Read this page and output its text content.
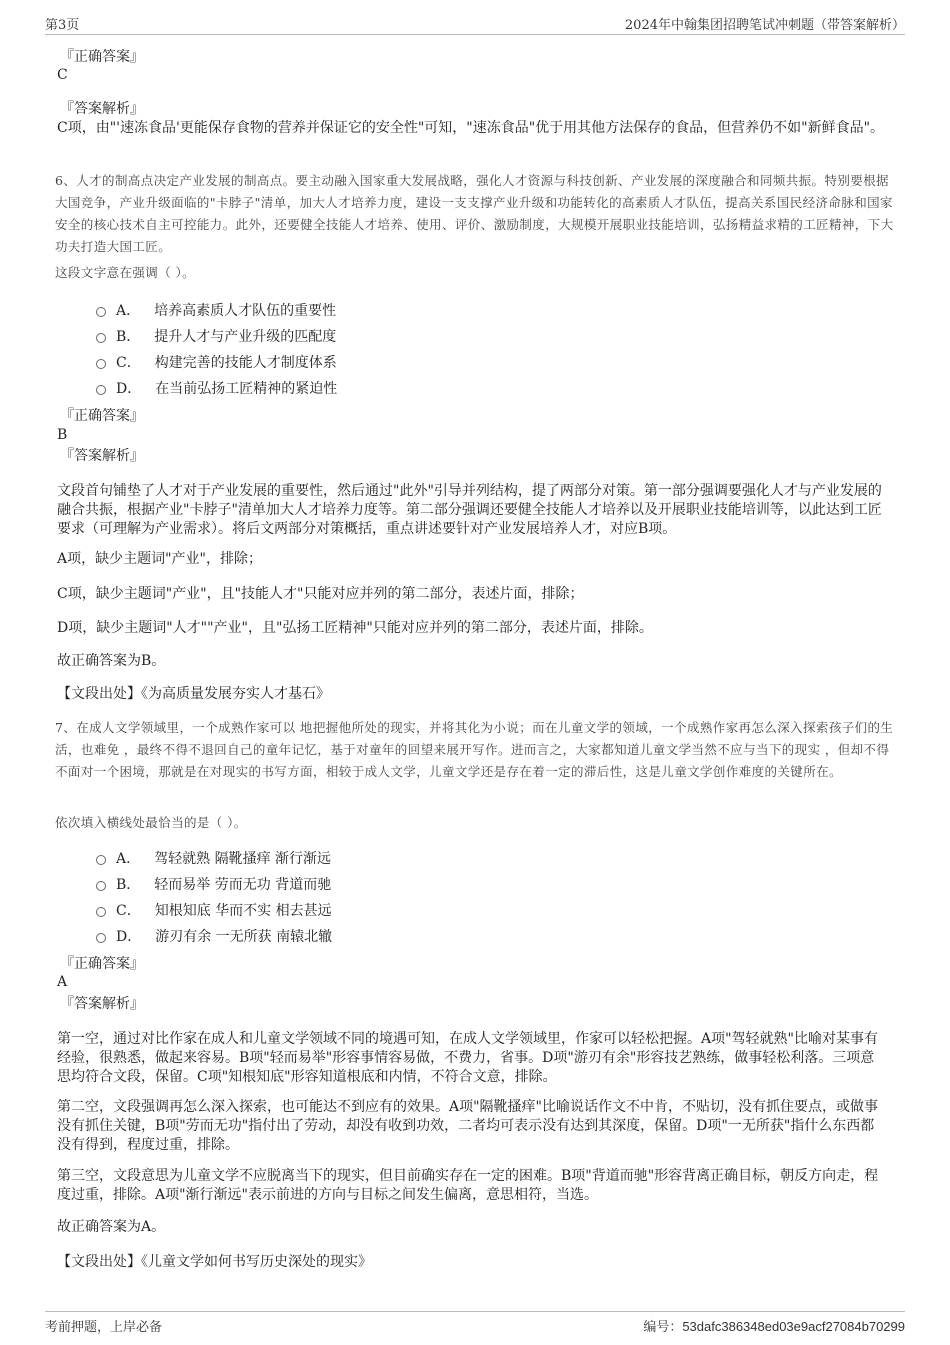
第3页	2024年中翰集团招聘笔试冲刺题（带答案解析）
『正确答案』
C
『答案解析』
C项，由"'速冻食品'更能保存食物的营养并保证它的安全性"可知，"速冻食品"优于用其他方法保存的食品，但营养仍不如"新鲜食品"。
6、人才的制高点决定产业发展的制高点。要主动融入国家重大发展战略，强化人才资源与科技创新、产业发展的深度融合和同频共振。特别要根据大国竞争，产业升级面临的"卡脖子"清单，加大人才培养力度，建设一支支撑产业升级和功能转化的高素质人才队伍，提高关系国民经济命脉和国家安全的核心技术自主可控能力。此外，还要健全技能人才培养、使用、评价、激励制度，大规模开展职业技能培训，弘扬精益求精的工匠精神，下大功夫打造大国工匠。
这段文字意在强调（ ）。
A． 培养高素质人才队伍的重要性
B． 提升人才与产业升级的匹配度
C． 构建完善的技能人才制度体系
D． 在当前弘扬工匠精神的紧迫性
『正确答案』
B
『答案解析』
文段首句铺垫了人才对于产业发展的重要性，然后通过"此外"引导并列结构，提了两部分对策。第一部分强调要强化人才与产业发展的融合共振，根据产业"卡脖子"清单加大人才培养力度等。第二部分强调还要健全技能人才培养以及开展职业技能培训等，以此达到工匠要求（可理解为产业需求）。将后文两部分对策概括，重点讲述要针对产业发展培养人才，对应B项。
A项，缺少主题词"产业"，排除；
C项，缺少主题词"产业"，且"技能人才"只能对应并列的第二部分，表述片面，排除；
D项，缺少主题词"人才""产业"，且"弘扬工匠精神"只能对应并列的第二部分，表述片面，排除。
故正确答案为B。
【文段出处】《为高质量发展夯实人才基石》
7、在成人文学领域里，一个成熟作家可以 地把握他所处的现实，并将其化为小说；而在儿童文学的领域，一个成熟作家再怎么深入探索孩子们的生活，也难免 ，最终不得不退回自己的童年记忆，基于对童年的回望来展开写作。进而言之，大家都知道儿童文学当然不应与当下的现实 ，但却不得不面对一个困境，那就是在对现实的书写方面，相较于成人文学，儿童文学还是存在着一定的滞后性，这是儿童文学创作难度的关键所在。
依次填入横线处最恰当的是（ ）。
A． 驾轻就熟 隔靴搔痒 渐行渐远
B． 轻而易举 劳而无功 背道而驰
C． 知根知底 华而不实 相去甚远
D． 游刃有余 一无所获 南辕北辙
『正确答案』
A
『答案解析』
第一空，通过对比作家在成人和儿童文学领域不同的境遇可知，在成人文学领域里，作家可以轻松把握。A项"驾轻就熟"比喻对某事有经验，很熟悉，做起来容易。B项"轻而易举"形容事情容易做，不费力，省事。D项"游刃有余"形容技艺熟练，做事轻松利落。三项意思均符合文段，保留。C项"知根知底"形容知道根底和内情，不符合文意，排除。
第二空，文段强调再怎么深入探索，也可能达不到应有的效果。A项"隔靴搔痒"比喻说话作文不中肯，不贴切，没有抓住要点，或做事没有抓住关键，B项"劳而无功"指付出了劳动，却没有收到功效，二者均可表示没有达到其深度，保留。D项"一无所获"指什么东西都没有得到，程度过重，排除。
第三空，文段意思为儿童文学不应脱离当下的现实，但目前确实存在一定的困难。B项"背道而驰"形容背离正确目标，朝反方向走，程度过重，排除。A项"渐行渐远"表示前进的方向与目标之间发生偏离，意思相符，当选。
故正确答案为A。
【文段出处】《儿童文学如何书写历史深处的现实》
考前押题，上岸必备	编号：53dafc386348ed03e9acf27084b70299
